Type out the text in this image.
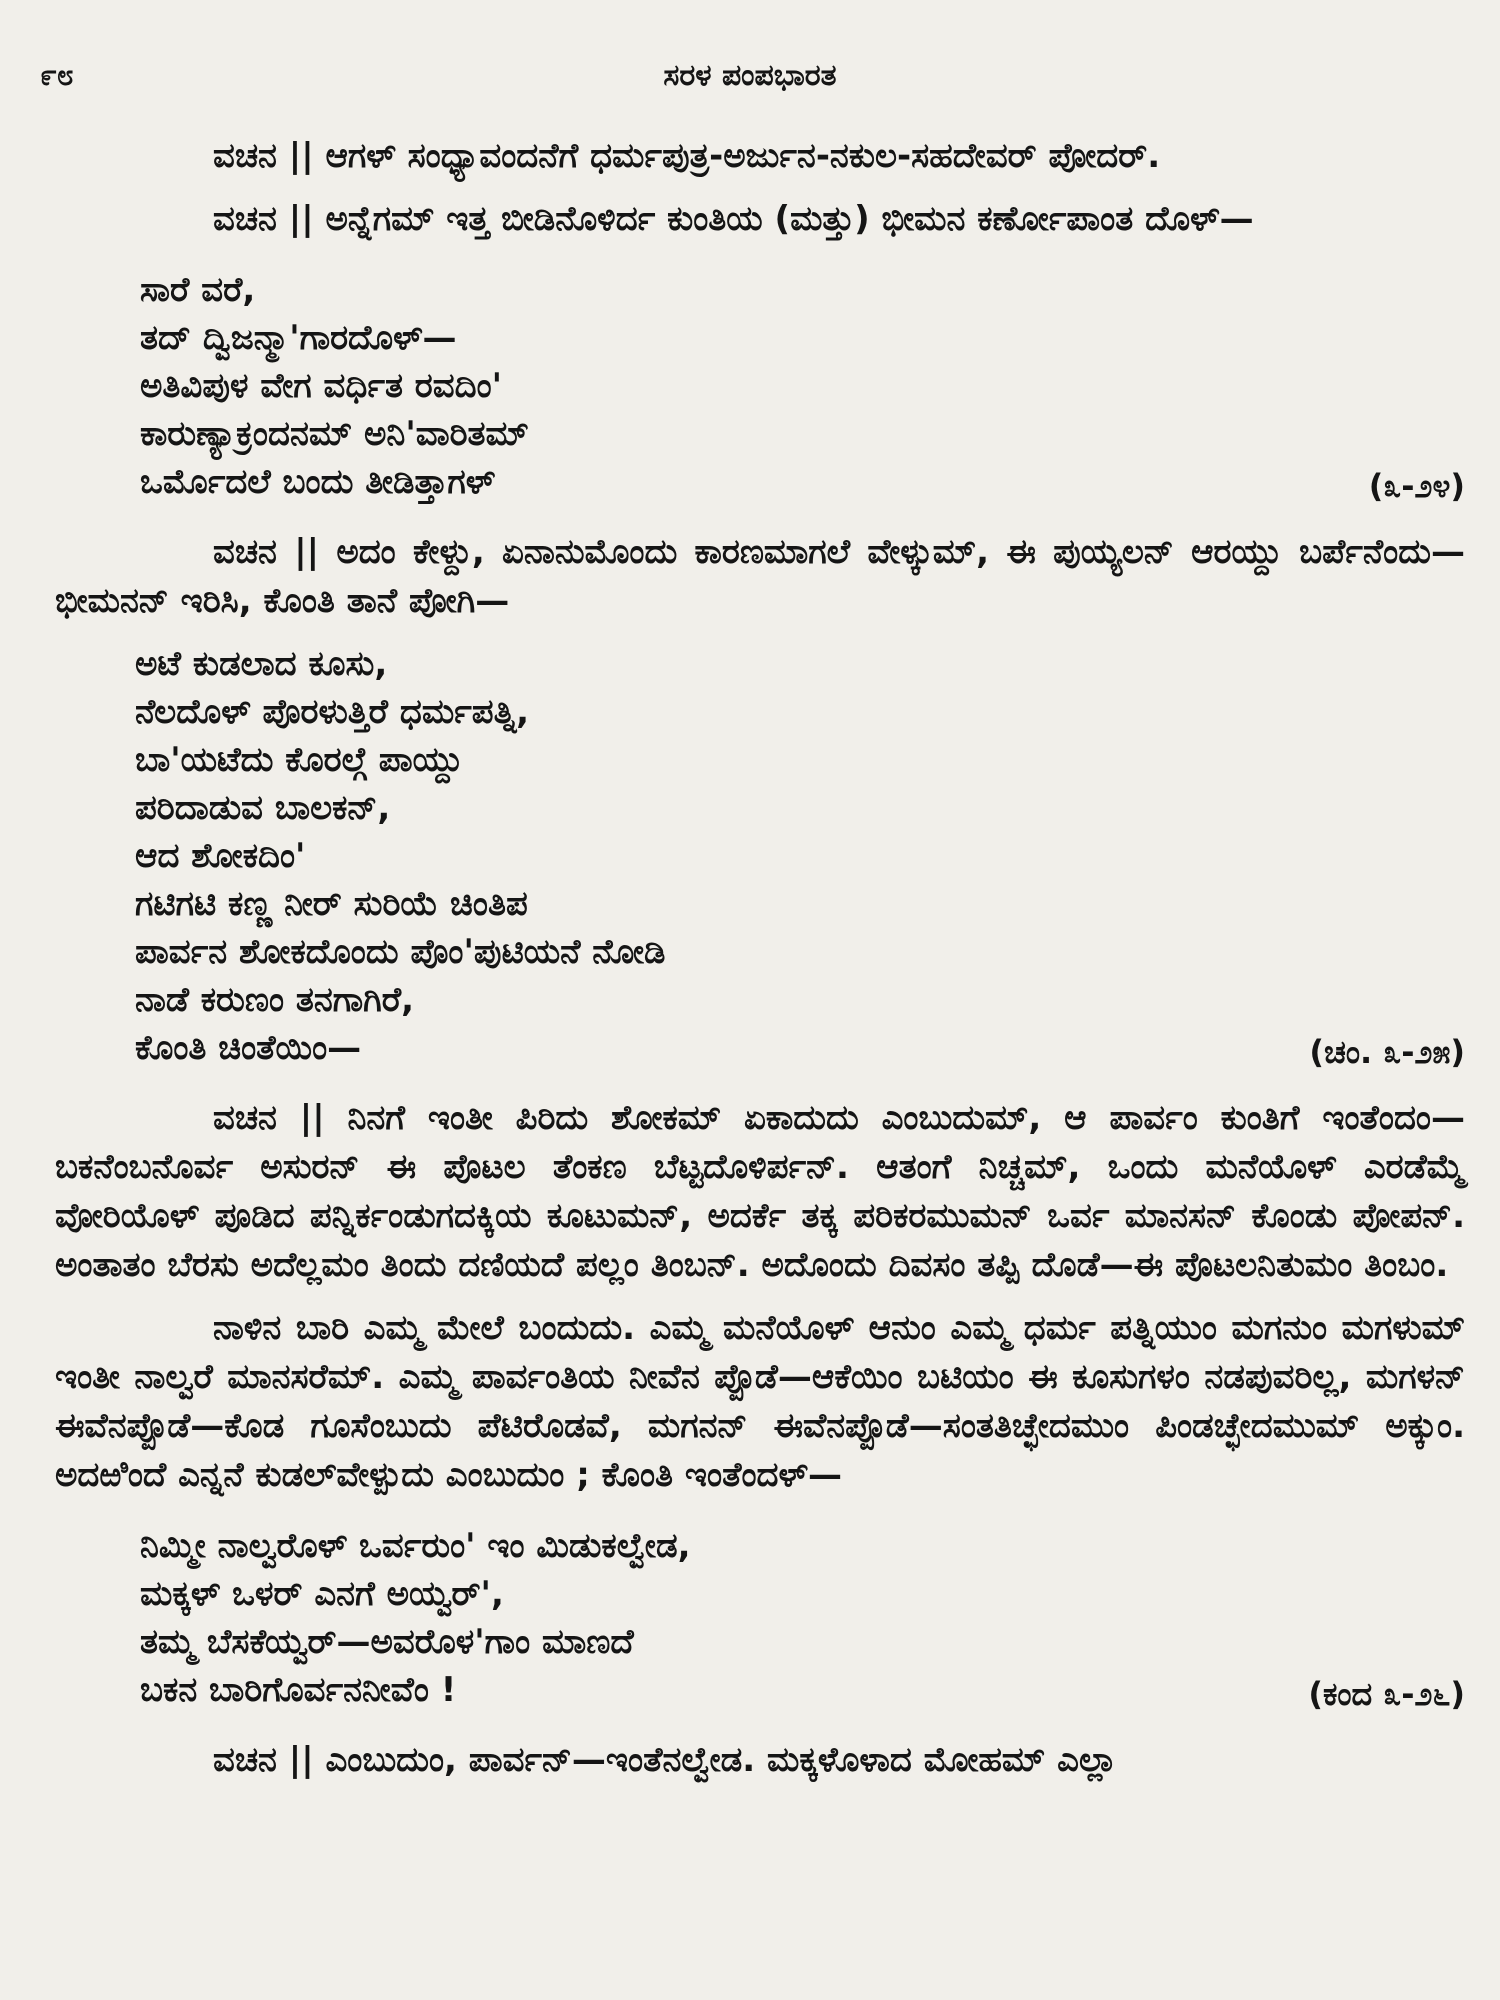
೯೮	ಸರಳ ಪಂಪಭಾರತ

ವಚನ || ಆಗಳ್ ಸಂಧ್ಯಾವಂದನೆಗೆ ಧರ್ಮಪುತ್ರ-ಅರ್ಜುನ-ನಕುಲ-ಸಹದೇವರ್ ಪೋದರ್.

ವಚನ || ಅನ್ನೆಗಮ್ ಇತ್ತ ಬೀಡಿನೊಳಿರ್ದ ಕುಂತಿಯ (ಮತ್ತು) ಭೀಮನ ಕರ್ಣೋಪಾಂತ ದೊಳ್—

ಸಾರೆ ವರೆ,
ತದ್ ದ್ವಿಜನ್ಮಾ'ಗಾರದೊಳ್—
ಅತಿವಿಪುಳ ವೇಗ ವರ್ಧಿತ ರವದಿಂ'
ಕಾರುಣ್ಯಾಕ್ರಂದನಮ್ ಅನಿ'ವಾರಿತಮ್
ಒರ್ಮೊದಲೆ ಬಂದು ತೀಡಿತ್ತಾಗಳ್	(೩-೨೪)

ವಚನ || ಅದಂ ಕೇಳ್ದು, ಏನಾನುಮೊಂದು ಕಾರಣಮಾಗಲೆ ವೇಳ್ಕುಮ್, ಈ ಪುಯ್ಯಲನ್ ಆರಯ್ದು ಬರ್ಪೆನೆಂದು—ಭೀಮನನ್ ಇರಿಸಿ, ಕೊಂತಿ ತಾನೆ ಪೋಗಿ—

ಅಟೆ ಕುಡಲಾದ ಕೂಸು,
ನೆಲದೊಳ್ ಪೊರಳುತ್ತಿರೆ ಧರ್ಮಪತ್ನಿ,
ಬಾ'ಯಟೆದು ಕೊರಲ್ಗೆ ಪಾಯ್ದು
ಪರಿದಾಡುವ ಬಾಲಕನ್,
ಆದ ಶೋಕದಿಂ'
ಗಟಿಗಟಿ ಕಣ್ಣ ನೀರ್ ಸುರಿಯೆ ಚಿಂತಿಪ
ಪಾರ್ವನ ಶೋಕದೊಂದು ಪೊಂ'ಪುಟಿಯನೆ ನೋಡಿ
ನಾಡೆ ಕರುಣಂ ತನಗಾಗಿರೆ,
ಕೊಂತಿ ಚಿಂತೆಯಿಂ—	(ಚಂ. ೩-೨೫)

ವಚನ || ನಿನಗೆ ಇಂತೀ ಪಿರಿದು ಶೋಕಮ್ ಏಕಾದುದು ಎಂಬುದುಮ್, ಆ ಪಾರ್ವಂ ಕುಂತಿಗೆ ಇಂತೆಂದಂ—ಬಕನೆಂಬನೊರ್ವ ಅಸುರನ್ ಈ ಪೊಟಲ ತೆಂಕಣ ಬೆಟ್ಟದೊಳಿರ್ಪನ್. ಆತಂಗೆ ನಿಚ್ಚಮ್, ಒಂದು ಮನೆಯೊಳ್ ಎರಡೆಮ್ಮೆ ವೋರಿಯೊಳ್ ಪೂಡಿದ ಪನ್ನಿರ್ಕಂಡುಗದಕ್ಕಿಯ ಕೂಟುಮನ್, ಅದರ್ಕೆ ತಕ್ಕ ಪರಿಕರಮುಮನ್ ಒರ್ವ ಮಾನಸನ್ ಕೊಂಡು ಪೋಪನ್. ಅಂತಾತಂ ಬೆರಸು ಅದೆಲ್ಲಮಂ ತಿಂದು ದಣಿಯದೆ ಪಲ್ಲಂ ತಿಂಬನ್. ಅದೊಂದು ದಿವಸಂ ತಪ್ಪಿ ದೊಡೆ—ಈ ಪೊಟಲನಿತುಮಂ ತಿಂಬಂ.

ನಾಳಿನ ಬಾರಿ ಎಮ್ಮ ಮೇಲೆ ಬಂದುದು. ಎಮ್ಮ ಮನೆಯೊಳ್ ಆನುಂ ಎಮ್ಮ ಧರ್ಮ ಪತ್ನಿಯುಂ ಮಗನುಂ ಮಗಳುಮ್ ಇಂತೀ ನಾಲ್ವರೆ ಮಾನಸರೆಮ್. ಎಮ್ಮ ಪಾರ್ವಂತಿಯ ನೀವೆನ ಪ್ಪೊಡೆ—ಆಕೆಯಿಂ ಬಟಿಯಂ ಈ ಕೂಸುಗಳಂ ನಡಪುವರಿಲ್ಲ, ಮಗಳನ್ ಈವೆನಪ್ಪೊಡೆ—ಕೊಡ ಗೂಸೆಂಬುದು ಪೆಟಿರೊಡವೆ, ಮಗನನ್ ಈವೆನಪ್ಪೊಡೆ—ಸಂತತಿಚ್ಛೇದಮುಂ ಪಿಂಡಚ್ಛೇದಮುಮ್ ಅಕ್ಕುಂ. ಅದಱಿಂದೆ ಎನ್ನನೆ ಕುಡಲ್‌ವೇಳ್ಪುದು ಎಂಬುದುಂ ; ಕೊಂತಿ ಇಂತೆಂದಳ್—

ನಿಮ್ಮೀ ನಾಲ್ವರೊಳ್ ಒರ್ವರುಂ' ಇಂ ಮಿಡುಕಲ್ವೇಡ,
ಮಕ್ಕಳ್ ಒಳರ್ ಎನಗೆ ಅಯ್ವರ್',
ತಮ್ಮ ಬೆಸಕೆಯ್ವರ್—ಅವರೊಳ'ಗಾಂ ಮಾಣದೆ
ಬಕನ ಬಾರಿಗೊರ್ವನನೀವೆಂ !	(ಕಂದ ೩-೨೬)

ವಚನ || ಎಂಬುದುಂ, ಪಾರ್ವನ್—ಇಂತೆನಲ್ವೇಡ. ಮಕ್ಕಳೊಳಾದ ಮೋಹಮ್ ಎಲ್ಲಾ
